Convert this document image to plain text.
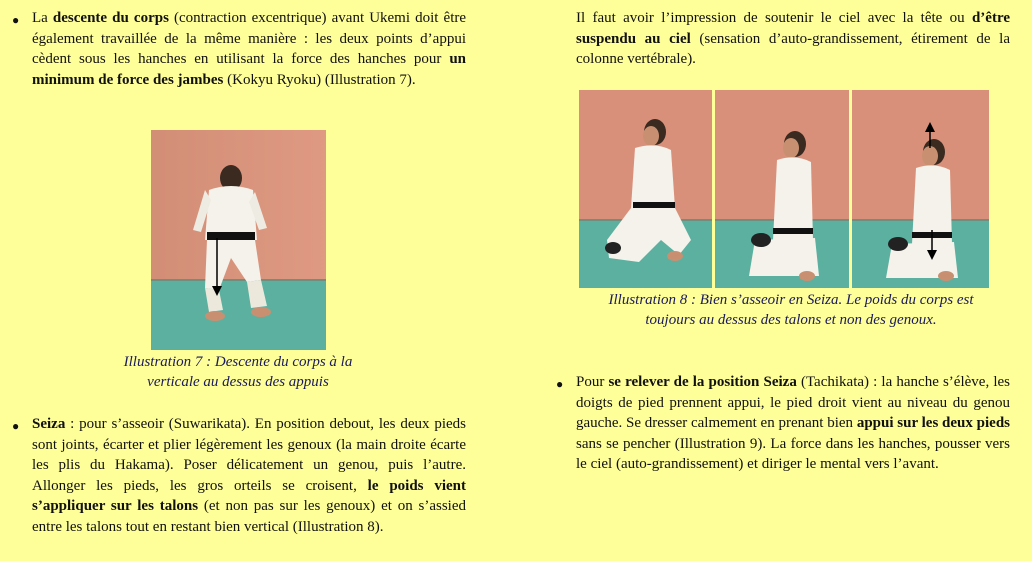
● La descente du corps (contraction excentrique) avant Ukemi doit être également travaillée de la même manière : les deux points d’appui cèdent sous les hanches en utilisant la force des hanches pour un minimum de force des jambes (Kokyu Ryoku) (Illustration 7).

Illustration 7 : Descente du corps à la
verticale au dessus des appuis

● Seiza : pour s’asseoir (Suwarikata). En position debout, les deux pieds sont joints, écarter et plier légèrement les genoux (la main droite écarte les plis du Hakama). Poser délicatement un genou, puis l’autre. Allonger les pieds, les gros orteils se croisent, le poids vient s’appliquer sur les talons (et non pas sur les genoux) et on s’assied entre les talons tout en restant bien vertical (Illustration 8).

Il faut avoir l’impression de soutenir le ciel avec la tête ou d’être suspendu au ciel (sensation d’auto-grandissement, étirement de la colonne vertébrale).

Illustration 8 : Bien s’asseoir en Seiza. Le poids du corps est
toujours au dessus des talons et non des genoux.

● Pour se relever de la position Seiza (Tachikata) : la hanche s’élève, les doigts de pied prennent appui, le pied droit vient au niveau du genou gauche. Se dresser calmement en prenant bien appui sur les deux pieds sans se pencher (Illustration 9). La force dans les hanches, pousser vers le ciel (auto-grandissement) et diriger le mental vers l’avant.
